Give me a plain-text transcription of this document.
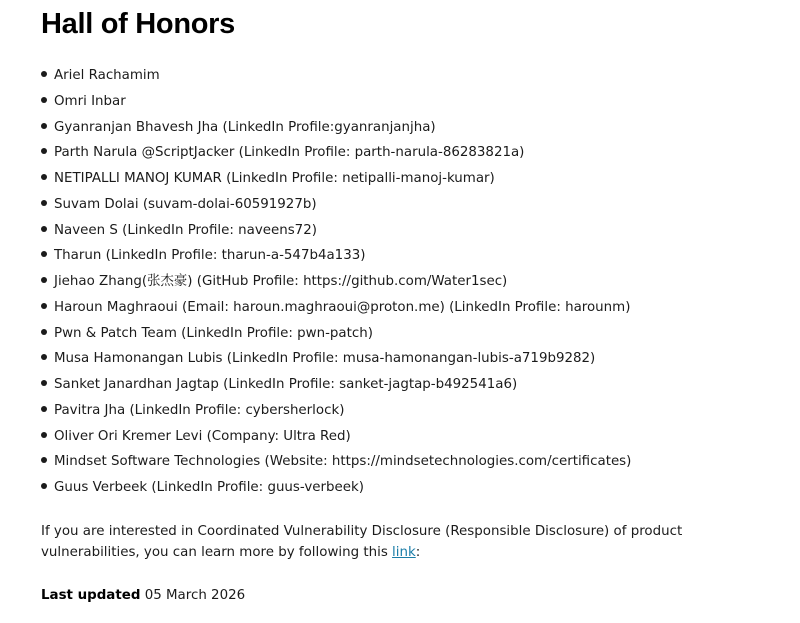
Hall of Honors
Ariel Rachamim
Omri Inbar
Gyanranjan Bhavesh Jha (LinkedIn Profile:gyanranjanjha)
Parth Narula @ScriptJacker (LinkedIn Profile: parth-narula-86283821a)
NETIPALLI MANOJ KUMAR (LinkedIn Profile: netipalli-manoj-kumar)
Suvam Dolai (suvam-dolai-60591927b)
Naveen S (LinkedIn Profile: naveens72)
Tharun (LinkedIn Profile: tharun-a-547b4a133)
Jiehao Zhang(张杰豪) (GitHub Profile: https://github.com/Water1sec)
Haroun Maghraoui (Email: haroun.maghraoui@proton.me) (LinkedIn Profile: harounm)
Pwn & Patch Team (LinkedIn Profile: pwn-patch)
Musa Hamonangan Lubis (LinkedIn Profile: musa-hamonangan-lubis-a719b9282)
Sanket Janardhan Jagtap (LinkedIn Profile: sanket-jagtap-b492541a6)
Pavitra Jha (LinkedIn Profile: cybersherlock)
Oliver Ori Kremer Levi (Company: Ultra Red)
Mindset Software Technologies (Website: https://mindsetechnologies.com/certificates)
Guus Verbeek (LinkedIn Profile: guus-verbeek)

If you are interested in Coordinated Vulnerability Disclosure (Responsible Disclosure) of product vulnerabilities, you can learn more by following this link:

Last updated 05 March 2026
